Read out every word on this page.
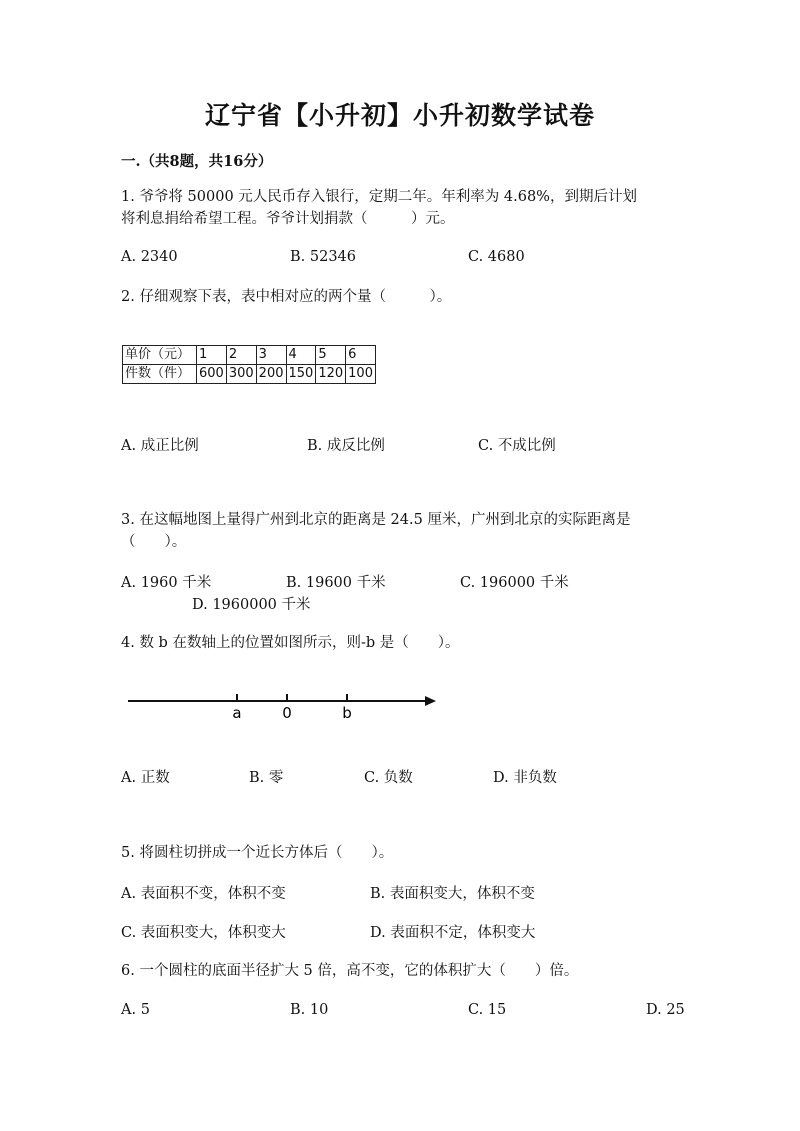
辽宁省【小升初】小升初数学试卷
一.（共8题，共16分）
1. 爷爷将 50000 元人民币存入银行，定期二年。年利率为 4.68%，到期后计划
将利息捐给希望工程。爷爷计划捐款（　　　）元。
A. 2340	B. 52346	C. 4680
2. 仔细观察下表，表中相对应的两个量（　　　）。
单价（元）	1	2	3	4	5	6
件数（件）	600	300	200	150	120	100
A. 成正比例	B. 成反比例	C. 不成比例
3. 在这幅地图上量得广州到北京的距离是 24.5 厘米，广州到北京的实际距离是
（　　）。
A. 1960 千米	B. 19600 千米	C. 196000 千米
D. 1960000 千米
4. 数 b 在数轴上的位置如图所示，则-b 是（　　）。
a	0	b
A. 正数	B. 零	C. 负数	D. 非负数
5. 将圆柱切拼成一个近长方体后（　　）。
A. 表面积不变，体积不变	B. 表面积变大，体积不变
C. 表面积变大，体积变大	D. 表面积不定，体积变大
6. 一个圆柱的底面半径扩大 5 倍，高不变，它的体积扩大（　　）倍。
A. 5	B. 10	C. 15	D. 25
